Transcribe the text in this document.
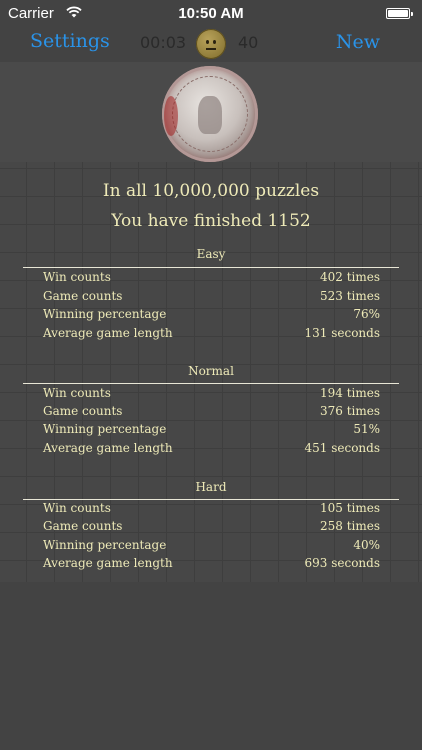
Carrier	10:50 AM
Settings 00:03	40	New
In all 10,000,000 puzzles
You have finished 1152
Easy
Win counts	402 times
Game counts	523 times
Winning percentage	76%
Average game length	131 seconds
Normal
Win counts	194 times
Game counts	376 times
Winning percentage	51%
Average game length	451 seconds
Hard
Win counts	105 times
Game counts	258 times
Winning percentage	40%
Average game length	693 seconds
